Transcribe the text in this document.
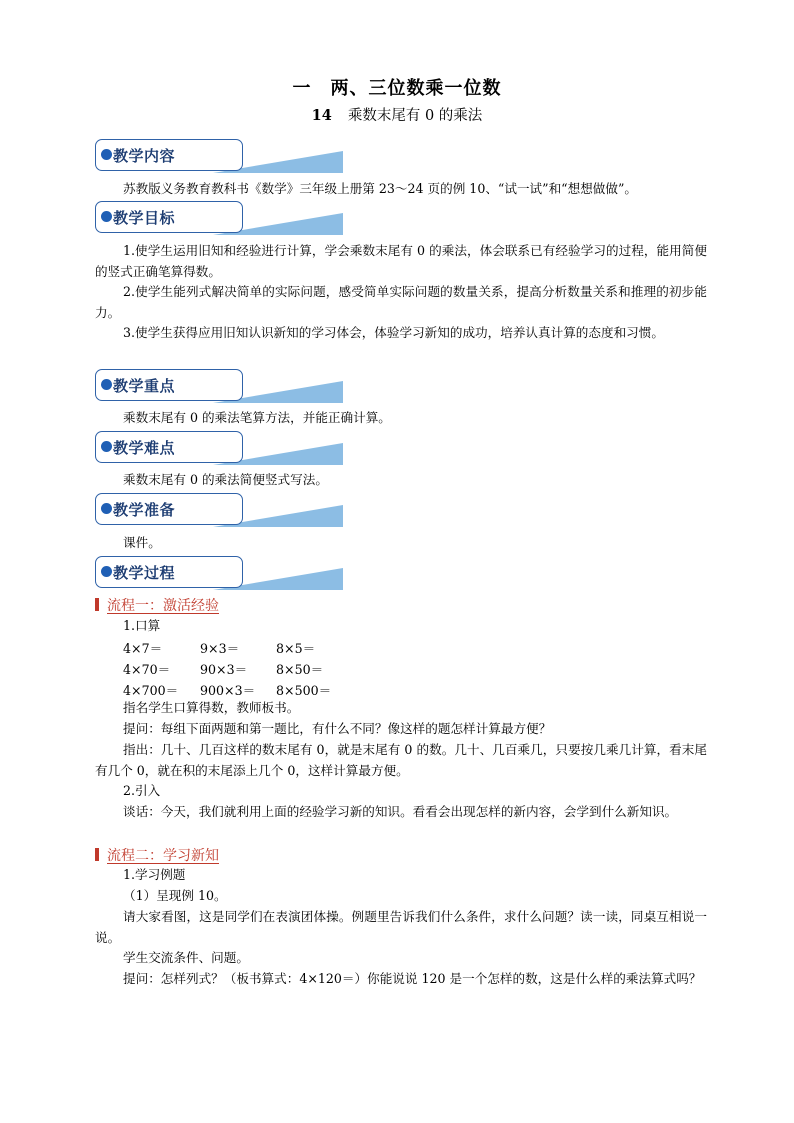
一　两、三位数乘一位数
14 乘数末尾有 0 的乘法
教学内容
苏教版义务教育教科书《数学》三年级上册第 23～24 页的例 10、“试一试”和“想想做做”。
教学目标
1.使学生运用旧知和经验进行计算，学会乘数末尾有 0 的乘法，体会联系已有经验学习的过程，能用简便的竖式正确笔算得数。
2.使学生能列式解决简单的实际问题，感受简单实际问题的数量关系，提高分析数量关系和推理的初步能力。
3.使学生获得应用旧知认识新知的学习体会，体验学习新知的成功，培养认真计算的态度和习惯。
教学重点
乘数末尾有 0 的乘法笔算方法，并能正确计算。
教学难点
乘数末尾有 0 的乘法简便竖式写法。
教学准备
课件。
教学过程
流程一：激活经验
1.口算
4×7＝	9×3＝	8×5＝
4×70＝ 90×3＝ 8×50＝
4×700＝ 900×3＝ 8×500＝
指名学生口算得数，教师板书。
提问：每组下面两题和第一题比，有什么不同？像这样的题怎样计算最方便？
指出：几十、几百这样的数末尾有 0，就是末尾有 0 的数。几十、几百乘几，只要按几乘几计算，看末尾有几个 0，就在积的末尾添上几个 0，这样计算最方便。
2.引入
谈话：今天，我们就利用上面的经验学习新的知识。看看会出现怎样的新内容，会学到什么新知识。
流程二：学习新知
1.学习例题
（1）呈现例 10。
请大家看图，这是同学们在表演团体操。例题里告诉我们什么条件，求什么问题？读一读，同桌互相说一说。
学生交流条件、问题。
提问：怎样列式？（板书算式：4×120＝）你能说说 120 是一个怎样的数，这是什么样的乘法算式吗？
